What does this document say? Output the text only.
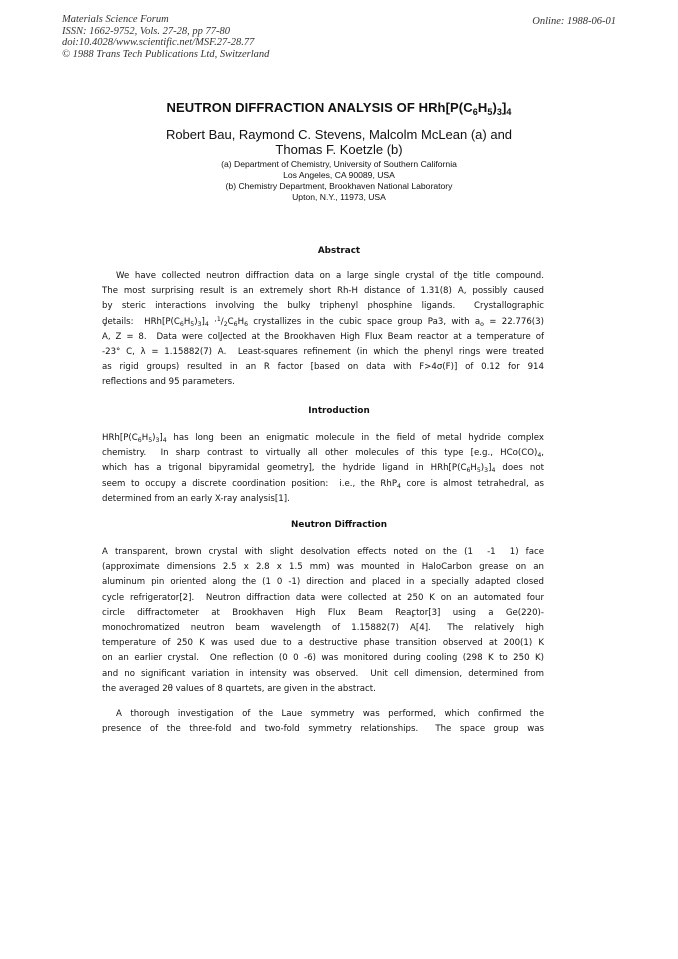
Materials Science Forum
ISSN: 1662-9752, Vols. 27-28, pp 77-80
doi:10.4028/www.scientific.net/MSF.27-28.77
© 1988 Trans Tech Publications Ltd, Switzerland
Online: 1988-06-01
NEUTRON DIFFRACTION ANALYSIS OF $HRh[P(C_6H_5)_3]_4$
Robert Bau, Raymond C. Stevens, Malcolm McLean (a) and
Thomas F. Koetzle (b)
(a) Department of Chemistry, University of Southern California
Los Angeles, CA 90089, USA
(b) Chemistry Department, Brookhaven National Laboratory
Upton, N.Y., 11973, USA
Abstract
We have collected neutron diffraction data on a large single crystal of the title compound.
The most surprising result is an extremely short Rh-H distance of 1.31(8) ° A, possibly caused
by steric interactions involving the bulky triphenyl phosphine ligands.  Crystallographic
details:  $HRh[P(C_6H_5)_3]_4 \cdot^1/_2C_6H_6$ crystallizes in the cubic space group Pa3, with $a_o = 22.776(3)$
° A, Z = 8.  Data were collected at the Brookhaven High Flux Beam reactor at a temperature of
-23° C, λ = 1.15882(7) ° A.  Least-squares refinement (in which the phenyl rings were treated
as rigid groups) resulted in an R factor [based on data with F>4σ(F)] of 0.12 for 914
reflections and 95 parameters.
Introduction
$HRh[P(C_6H_5)_3]_4$ has long been an enigmatic molecule in the field of metal hydride complex
chemistry.  In sharp contrast to virtually all other molecules of this type [e.g., $HCo(CO)_4$,
which has a trigonal bipyramidal geometry], the hydride ligand in $HRh[P(C_6H_5)_3]_4$ does not
seem to occupy a discrete coordination position:  i.e., the RhP$_4$ core is almost tetrahedral, as
determined from an early X-ray analysis[1].
Neutron Diffraction
A transparent, brown crystal with slight desolvation effects noted on the (1  -1  1) face
(approximate dimensions 2.5 x 2.8 x 1.5 mm) was mounted in HaloCarbon grease on an
aluminum pin oriented along the (1 0 -1) direction and placed in a specially adapted closed
cycle refrigerator[2].  Neutron diffraction data were collected at 250 K on an automated four
circle  diffractometer  at  Brookhaven  High  Flux  Beam  Reactor[3]  using  a  Ge(220)-
monochromatized  neutron  beam  wavelength  of  1.15882(7)  ° A[4].   The  relatively  high
temperature of 250 K was used due to a destructive phase transition observed at 200(1) K
on an earlier crystal.  One reflection (0 0 -6) was monitored during cooling (298 K to 250 K)
and no significant variation in intensity was observed.  Unit cell dimension, determined from
the averaged 2θ values of 8 quartets, are given in the abstract.
A thorough investigation of the Laue symmetry was performed, which confirmed the
presence of the three-fold and two-fold symmetry relationships.  The space group was
